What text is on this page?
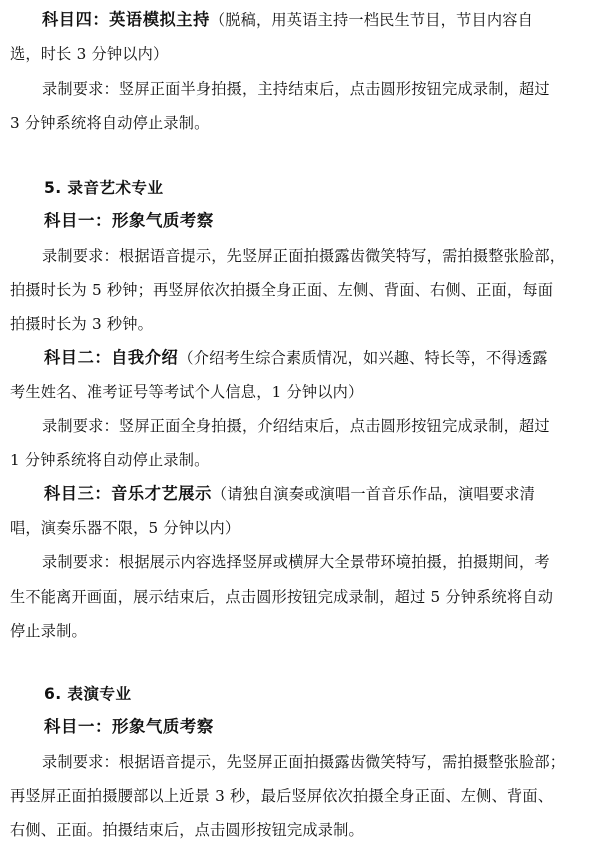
科目四：英语模拟主持（脱稿，用英语主持一档民生节目，节目内容自
选，时长 3 分钟以内）
录制要求：竖屏正面半身拍摄，主持结束后，点击圆形按钮完成录制，超过
3 分钟系统将自动停止录制。
5. 录音艺术专业
科目一：形象气质考察
录制要求：根据语音提示，先竖屏正面拍摄露齿微笑特写，需拍摄整张脸部，
拍摄时长为 5 秒钟；再竖屏依次拍摄全身正面、左侧、背面、右侧、正面，每面
拍摄时长为 3 秒钟。
科目二：自我介绍（介绍考生综合素质情况，如兴趣、特长等，不得透露
考生姓名、准考证号等考试个人信息，1 分钟以内）
录制要求：竖屏正面全身拍摄，介绍结束后，点击圆形按钮完成录制，超过
1 分钟系统将自动停止录制。
科目三：音乐才艺展示（请独自演奏或演唱一首音乐作品，演唱要求清
唱，演奏乐器不限，5 分钟以内）
录制要求：根据展示内容选择竖屏或横屏大全景带环境拍摄，拍摄期间，考
生不能离开画面，展示结束后，点击圆形按钮完成录制，超过 5 分钟系统将自动
停止录制。
6. 表演专业
科目一：形象气质考察
录制要求：根据语音提示，先竖屏正面拍摄露齿微笑特写，需拍摄整张脸部；
再竖屏正面拍摄腰部以上近景 3 秒，最后竖屏依次拍摄全身正面、左侧、背面、
右侧、正面。拍摄结束后，点击圆形按钮完成录制。
